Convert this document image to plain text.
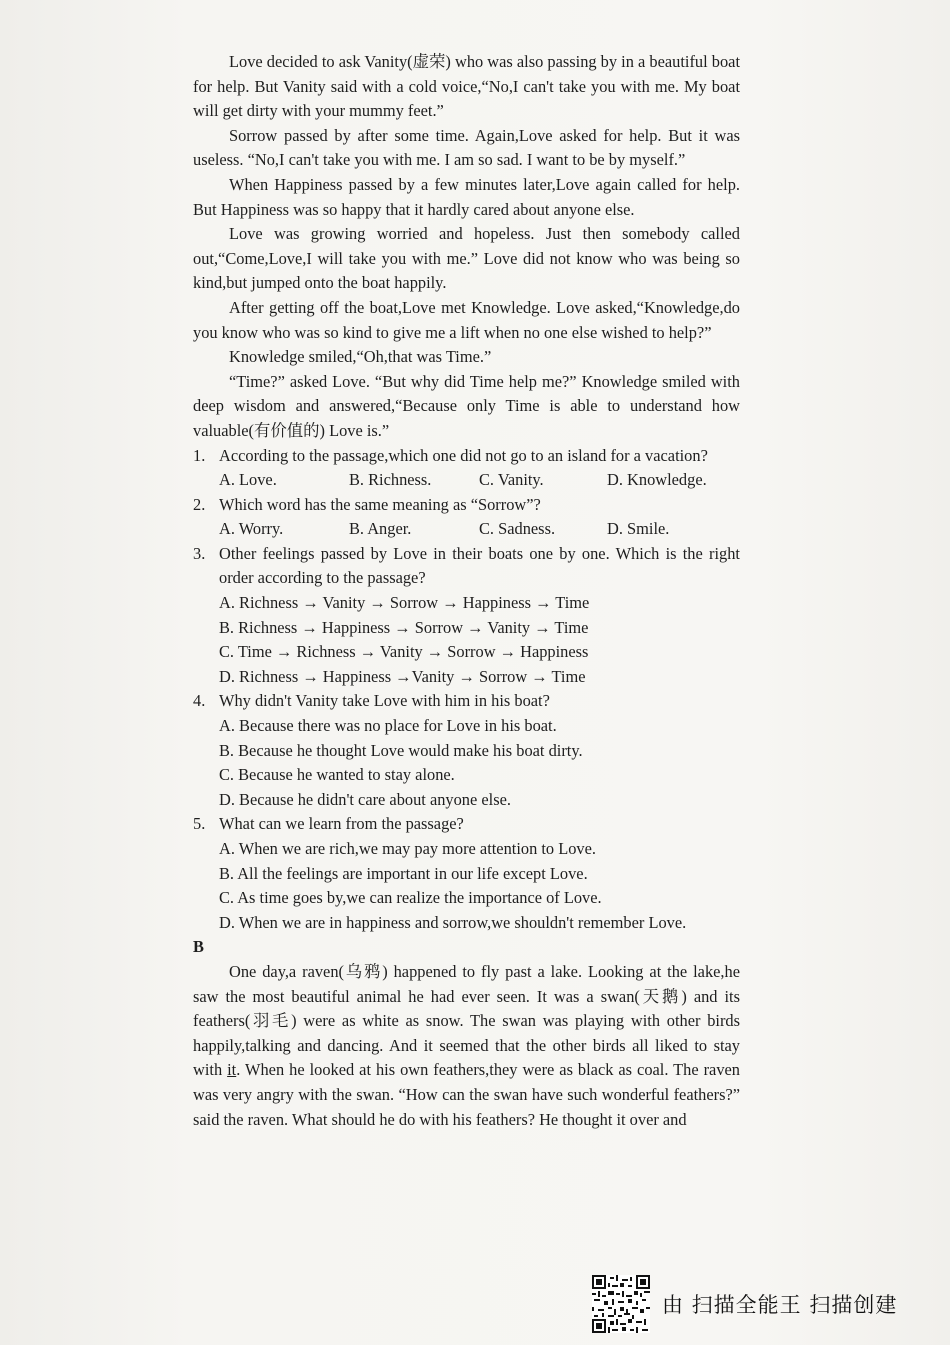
Love decided to ask Vanity(虚荣) who was also passing by in a beautiful boat for help. But Vanity said with a cold voice,“No,I can't take you with me. My boat will get dirty with your mummy feet.”

Sorrow passed by after some time. Again,Love asked for help. But it was useless. “No,I can't take you with me. I am so sad. I want to be by myself.”

When Happiness passed by a few minutes later,Love again called for help. But Happiness was so happy that it hardly cared about anyone else.

Love was growing worried and hopeless. Just then somebody called out,“Come,Love,I will take you with me.” Love did not know who was being so kind,but jumped onto the boat happily.

After getting off the boat,Love met Knowledge. Love asked,“Knowledge,do you know who was so kind to give me a lift when no one else wished to help?”

Knowledge smiled,“Oh,that was Time.”

“Time?” asked Love. “But why did Time help me?” Knowledge smiled with deep wisdom and answered,“Because only Time is able to understand how valuable(有价值的) Love is.”

1. According to the passage,which one did not go to an island for a vacation?
A. Love.	B. Richness.	C. Vanity.	D. Knowledge.
2. Which word has the same meaning as “Sorrow”?
A. Worry.	B. Anger.	C. Sadness.	D. Smile.
3. Other feelings passed by Love in their boats one by one. Which is the right order according to the passage?
A. Richness → Vanity → Sorrow → Happiness → Time
B. Richness → Happiness → Sorrow → Vanity → Time
C. Time → Richness → Vanity → Sorrow → Happiness
D. Richness → Happiness →Vanity → Sorrow → Time
4. Why didn't Vanity take Love with him in his boat?
A. Because there was no place for Love in his boat.
B. Because he thought Love would make his boat dirty.
C. Because he wanted to stay alone.
D. Because he didn't care about anyone else.
5. What can we learn from the passage?
A. When we are rich,we may pay more attention to Love.
B. All the feelings are important in our life except Love.
C. As time goes by,we can realize the importance of Love.
D. When we are in happiness and sorrow,we shouldn't remember Love.

B

One day,a raven(乌鸦) happened to fly past a lake. Looking at the lake,he saw the most beautiful animal he had ever seen. It was a swan(天鹅) and its feathers(羽毛) were as white as snow. The swan was playing with other birds happily,talking and dancing. And it seemed that the other birds all liked to stay with it. When he looked at his own feathers,they were as black as coal. The raven was very angry with the swan. “How can the swan have such wonderful feathers?” said the raven. What should he do with his feathers? He thought it over and

由 扫描全能王 扫描创建
